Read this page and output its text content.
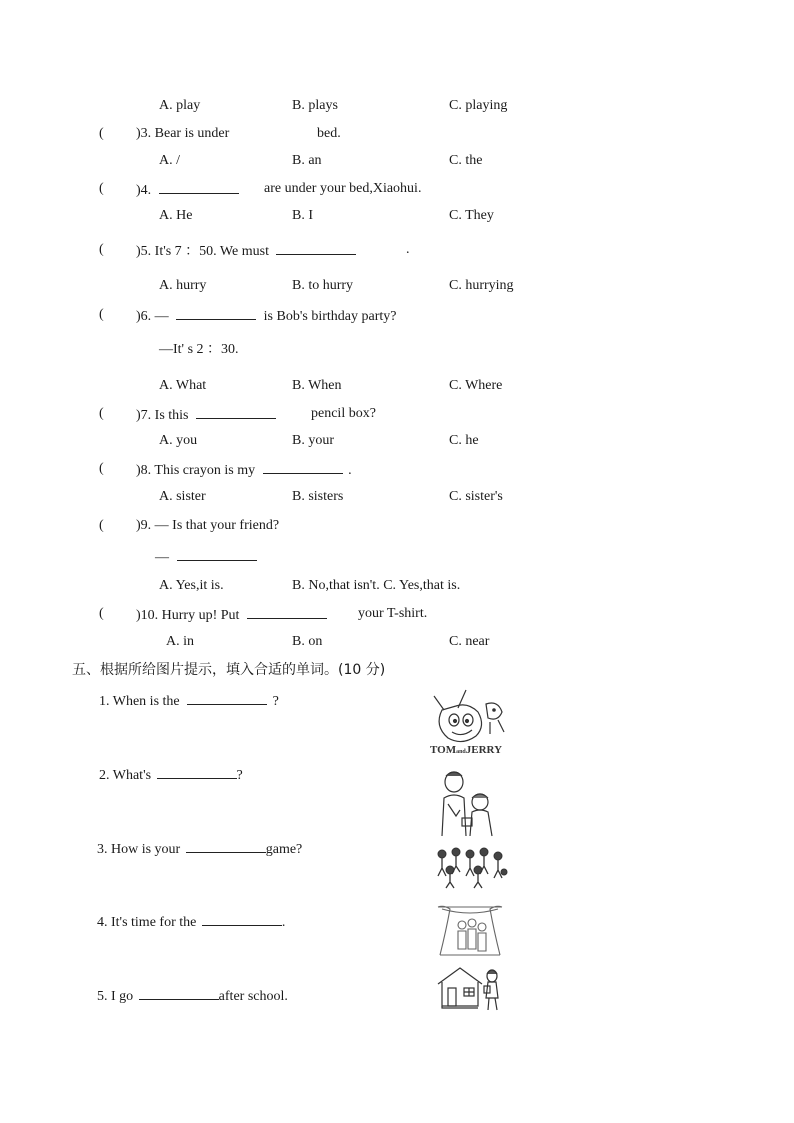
A. play	B. plays	C. playing
( )3. Bear is under	bed.
A. /	B. an	C. the
( )4.	are under your bed,Xiaohui.
A. He	B. I	C. They
( )5. It's 7 ：50. We must	.
A. hurry	B. to hurry	C. hurrying
( )6. —	is Bob's birthday party?
—It' s 2 ：30.
A. What	B. When	C. Where
( )7. Is this	pencil box?
A. you	B. your	C. he
( )8. This crayon is my	.
A. sister	B. sisters	C. sister's
( )9. — Is that your friend?
—
A. Yes,it is.	B. No,that isn't. C. Yes,that is.
( )10. Hurry up! Put	your T-shirt.
A. in	B. on	C. near
五、根据所给图片提示，填入合适的单词。(10 分)
1. When is the	?
2. What's	?
3. How is your	game?
4. It's time for the	.
5. I go	after school.
TOMandJERRY
